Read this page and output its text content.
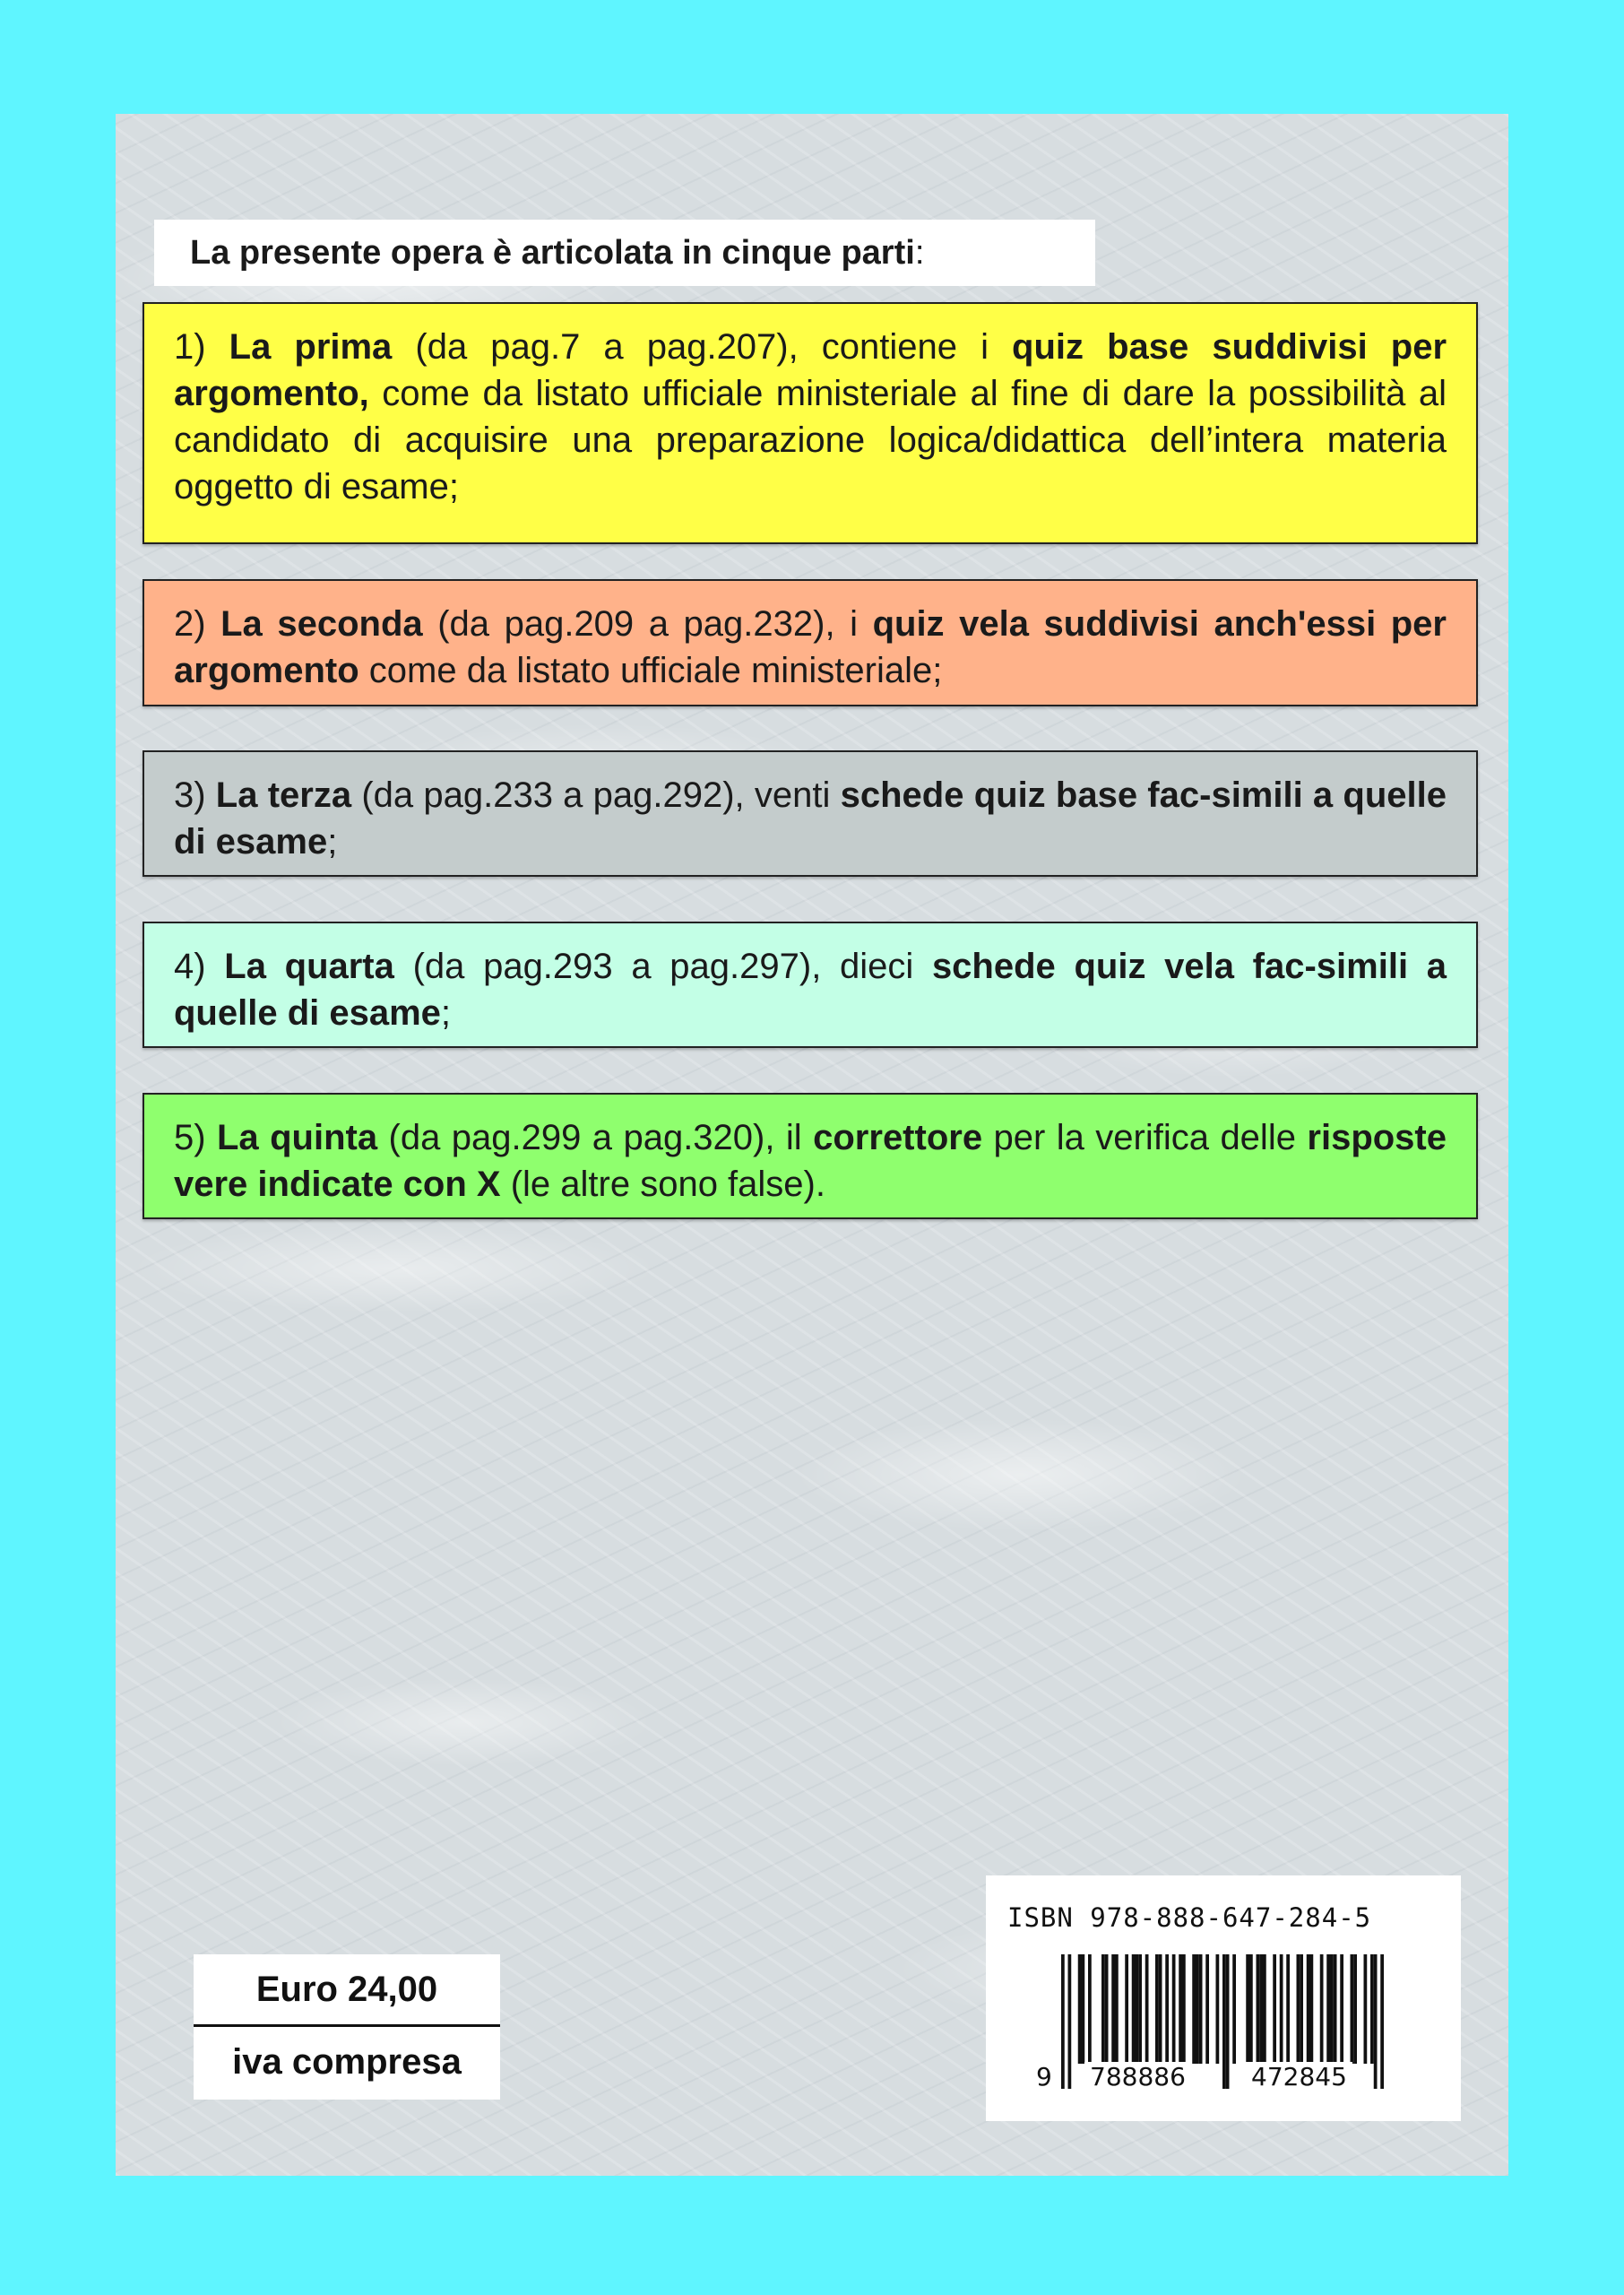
La presente opera è articolata in cinque parti:
1) La prima (da pag.7 a pag.207), contiene i quiz base suddivisi per argomento, come da listato ufficiale ministeriale al fine di dare la possibilità al candidato di acquisire una preparazione logica/didattica dell’intera materia oggetto di esame;
2) La seconda (da pag.209 a pag.232), i quiz vela suddivisi anch'essi per argomento come da listato ufficiale ministeriale;
3) La terza (da pag.233 a pag.292), venti schede quiz base fac-simili a quelle di esame;
4) La quarta (da pag.293 a pag.297), dieci schede quiz vela fac-simili a quelle di esame;
5) La quinta (da pag.299 a pag.320), il correttore per la verifica delle risposte vere indicate con X (le altre sono false).
Euro 24,00
iva compresa
ISBN 978-888-647-284-5
9 788886	472845
